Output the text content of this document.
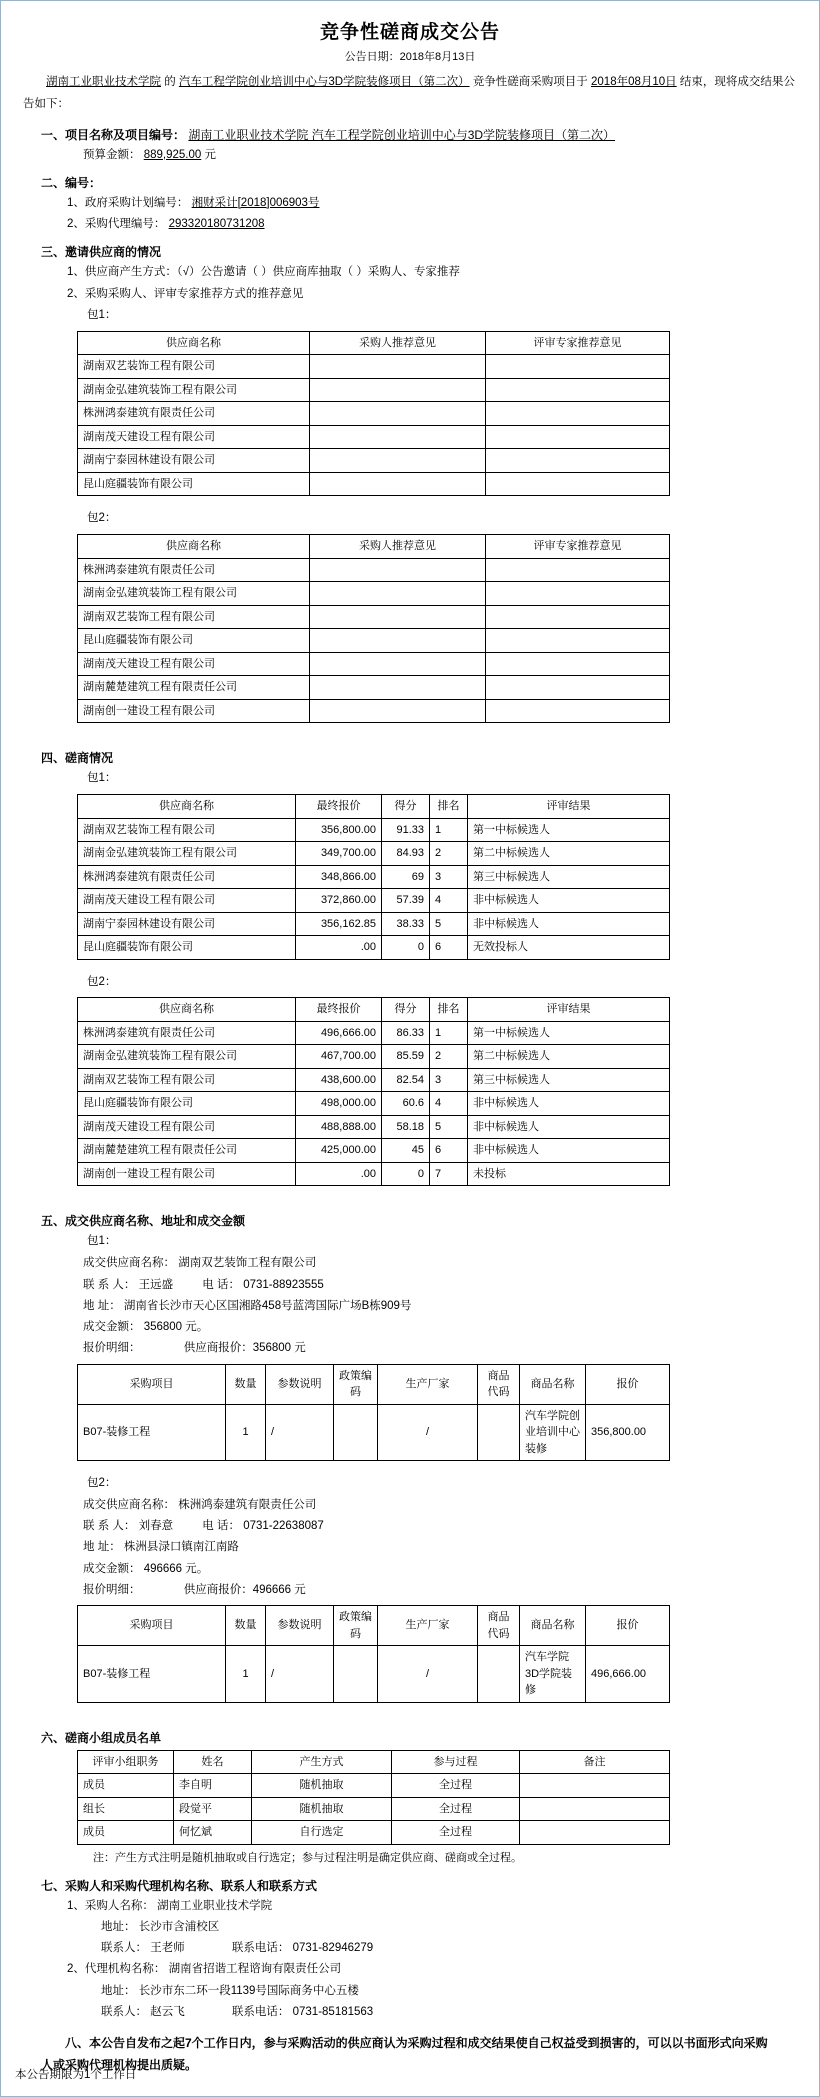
竞争性磋商成交公告
公告日期：2018年8月13日
湖南工业职业技术学院 的 汽车工程学院创业培训中心与3D学院装修项目（第二次） 竞争性磋商采购项目于 2018年08月10日 结束，现将成交结果公告如下：
一、项目名称及项目编号： 湖南工业职业技术学院 汽车工程学院创业培训中心与3D学院装修项目（第二次）
预算金额： 889,925.00 元
二、编号：
1、政府采购计划编号： 湘财采计[2018]006903号
2、采购代理编号： 293320180731208
三、邀请供应商的情况
1、供应商产生方式：（√）公告邀请（ ）供应商库抽取（ ）采购人、专家推荐
2、采购采购人、评审专家推荐方式的推荐意见
包1：
供应商名称	采购人推荐意见	评审专家推荐意见
湖南双艺装饰工程有限公司		
湖南金弘建筑装饰工程有限公司		
株洲鸿泰建筑有限责任公司		
湖南茂天建设工程有限公司		
湖南宁泰园林建设有限公司		
昆山庭疆装饰有限公司		
包2：
供应商名称	采购人推荐意见	评审专家推荐意见
株洲鸿泰建筑有限责任公司		
湖南金弘建筑装饰工程有限公司		
湖南双艺装饰工程有限公司		
昆山庭疆装饰有限公司		
湖南茂天建设工程有限公司		
湖南麓楚建筑工程有限责任公司		
湖南创一建设工程有限公司		
四、磋商情况
包1：
供应商名称	最终报价	得分	排名	评审结果
湖南双艺装饰工程有限公司	356,800.00	91.33	1	第一中标候选人
湖南金弘建筑装饰工程有限公司	349,700.00	84.93	2	第二中标候选人
株洲鸿泰建筑有限责任公司	348,866.00	69	3	第三中标候选人
湖南茂天建设工程有限公司	372,860.00	57.39	4	非中标候选人
湖南宁泰园林建设有限公司	356,162.85	38.33	5	非中标候选人
昆山庭疆装饰有限公司	.00	0	6	无效投标人
包2：
供应商名称	最终报价	得分	排名	评审结果
株洲鸿泰建筑有限责任公司	496,666.00	86.33	1	第一中标候选人
湖南金弘建筑装饰工程有限公司	467,700.00	85.59	2	第二中标候选人
湖南双艺装饰工程有限公司	438,600.00	82.54	3	第三中标候选人
昆山庭疆装饰有限公司	498,000.00	60.6	4	非中标候选人
湖南茂天建设工程有限公司	488,888.00	58.18	5	非中标候选人
湖南麓楚建筑工程有限责任公司	425,000.00	45	6	非中标候选人
湖南创一建设工程有限公司	.00	0	7	未投标
五、成交供应商名称、地址和成交金额
包1：
成交供应商名称： 湖南双艺装饰工程有限公司
联 系 人： 王远盛	电 话： 0731-88923555
地 址： 湖南省长沙市天心区国湘路458号蓝湾国际广场B栋909号
成交金额： 356800 元。
报价明细：	供应商报价：356800 元
采购项目	数量	参数说明	政策编码	生产厂家	商品代码	商品名称	报价
B07-装修工程	1	/		/		汽车学院创业培训中心装修	356,800.00
包2：
成交供应商名称： 株洲鸿泰建筑有限责任公司
联 系 人： 刘春意	电 话： 0731-22638087
地 址： 株洲县渌口镇南江南路
成交金额： 496666 元。
报价明细：	供应商报价：496666 元
采购项目	数量	参数说明	政策编码	生产厂家	商品代码	商品名称	报价
B07-装修工程	1	/		/		汽车学院3D学院装修	496,666.00
六、磋商小组成员名单
评审小组职务	姓名	产生方式	参与过程	备注
成员	李自明	随机抽取	全过程	
组长	段觉平	随机抽取	全过程	
成员	何忆斌	自行选定	全过程	
注：产生方式注明是随机抽取或自行选定；参与过程注明是确定供应商、磋商或全过程。
七、采购人和采购代理机构名称、联系人和联系方式
1、采购人名称： 湖南工业职业技术学院
地址： 长沙市含浦校区
联系人： 王老师	联系电话： 0731-82946279
2、代理机构名称： 湖南省招谐工程谘询有限责任公司
地址： 长沙市东二环一段1139号国际商务中心五楼
联系人： 赵云飞	联系电话： 0731-85181563
八、本公告自发布之起7个工作日内，参与采购活动的供应商认为采购过程和成交结果使自己权益受到损害的，可以以书面形式向采购人或采购代理机构提出质疑。
本公告期限为1个工作日
